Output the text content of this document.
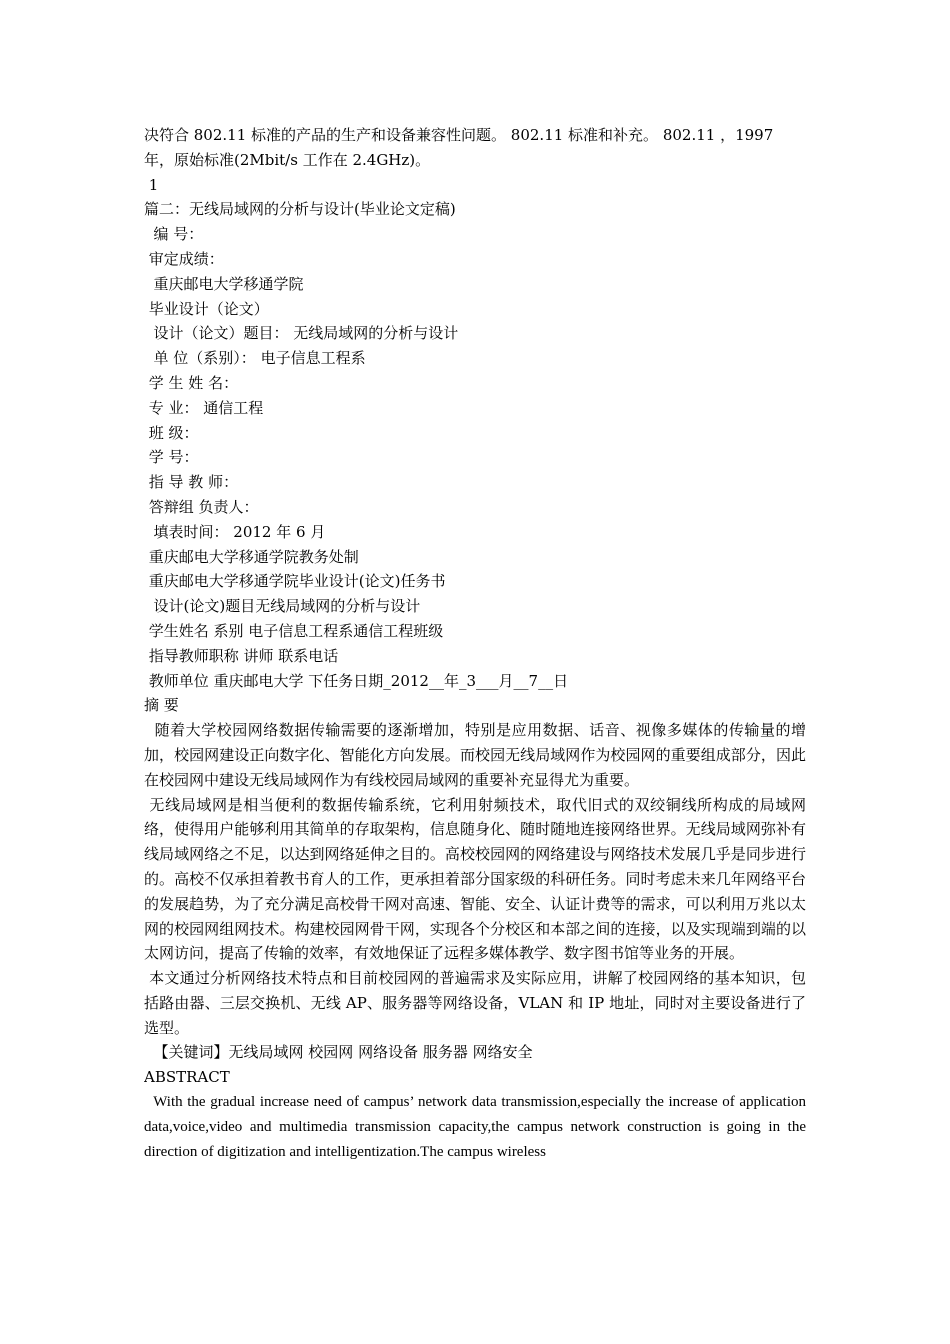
决符合 802.11 标准的产品的生产和设备兼容性问题。 802.11 标准和补充。 802.11 ，1997
年，原始标准(2Mbit/s 工作在 2.4GHz)。
1
篇二：无线局域网的分析与设计(毕业论文定稿)
编 号：
审定成绩：
重庆邮电大学移通学院
毕业设计（论文）
设计（论文）题目： 无线局域网的分析与设计
单 位（系别）： 电子信息工程系
学 生 姓 名：
专 业： 通信工程
班 级：
学 号：
指 导 教 师：
答辩组 负责人：
填表时间： 2012 年 6 月
重庆邮电大学移通学院教务处制
重庆邮电大学移通学院毕业设计(论文)任务书
设计(论文)题目无线局域网的分析与设计
学生姓名 系别 电子信息工程系通信工程班级
指导教师职称 讲师 联系电话
教师单位 重庆邮电大学 下任务日期_2012__年_3___月__7__日
摘 要
随着大学校园网络数据传输需要的逐渐增加，特别是应用数据、话音、视像多媒体的传输量的增加，校园网建设正向数字化、智能化方向发展。而校园无线局域网作为校园网的重要组成部分，因此在校园网中建设无线局域网作为有线校园局域网的重要补充显得尤为重要。
无线局域网是相当便利的数据传输系统，它利用射频技术，取代旧式的双绞铜线所构成的局域网络，使得用户能够利用其简单的存取架构，信息随身化、随时随地连接网络世界。无线局域网弥补有线局域网络之不足，以达到网络延伸之目的。高校校园网的网络建设与网络技术发展几乎是同步进行的。高校不仅承担着教书育人的工作，更承担着部分国家级的科研任务。同时考虑未来几年网络平台的发展趋势，为了充分满足高校骨干网对高速、智能、安全、认证计费等的需求，可以利用万兆以太网的校园网组网技术。构建校园网骨干网，实现各个分校区和本部之间的连接，以及实现端到端的以太网访问，提高了传输的效率，有效地保证了远程多媒体教学、数字图书馆等业务的开展。
本文通过分析网络技术特点和目前校园网的普遍需求及实际应用，讲解了校园网络的基本知识，包括路由器、三层交换机、无线 AP、服务器等网络设备，VLAN 和 IP 地址，同时对主要设备进行了选型。
【关键词】无线局域网 校园网 网络设备 服务器 网络安全
ABSTRACT
With the gradual increase need of campus’ network data transmission,especially the increase of application data,voice,video and multimedia transmission capacity,the campus network construction is going in the direction of digitization and intelligentization.The campus wireless
